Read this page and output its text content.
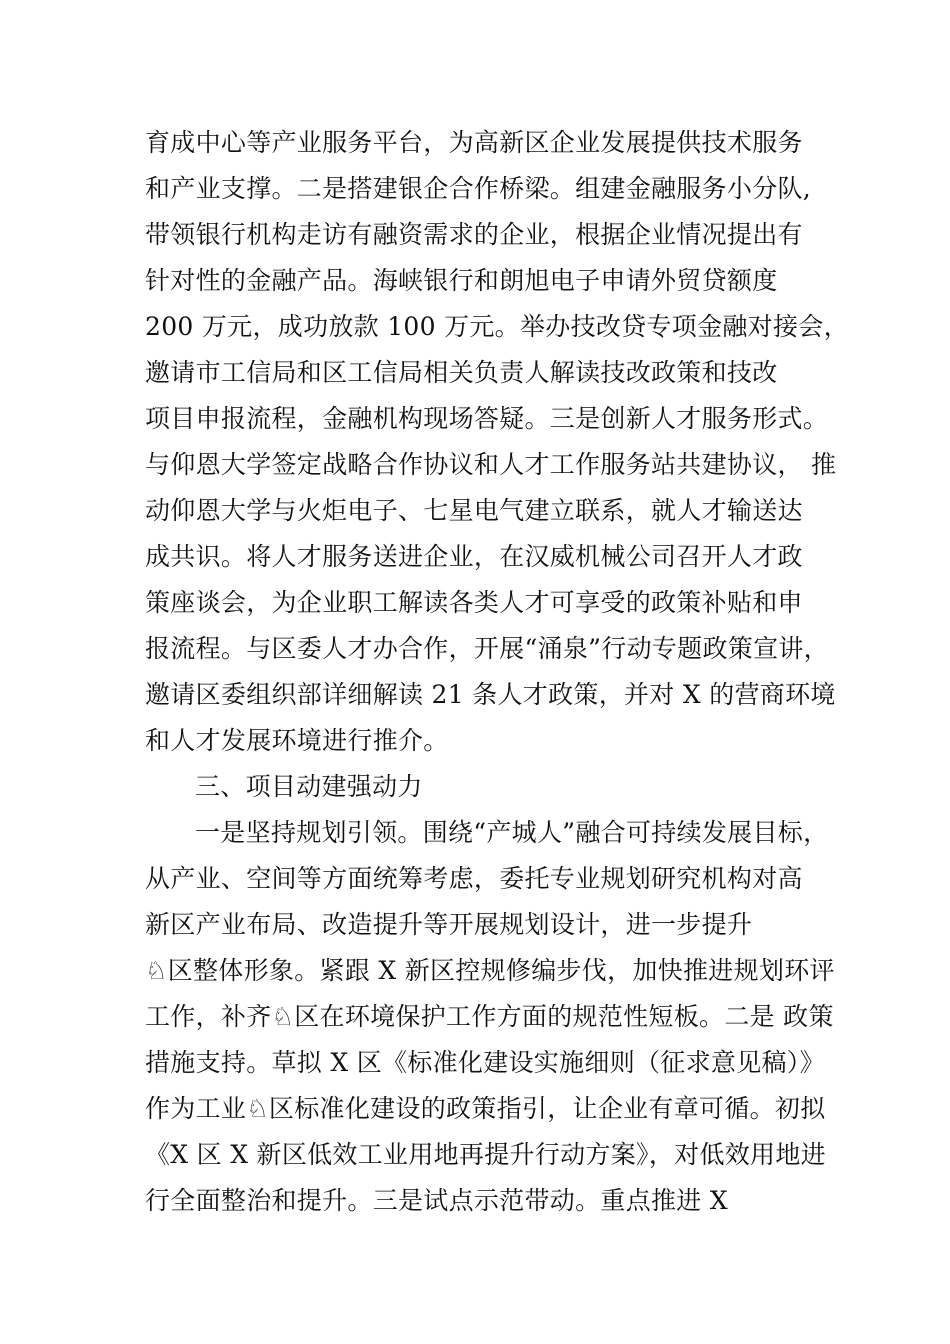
育成中心等产业服务平台，为高新区企业发展提供技术服务
和产业支撑。二是搭建银企合作桥梁。组建金融服务小分队,
带领银行机构走访有融资需求的企业，根据企业情况提出有
针对性的金融产品。海峡银行和朗旭电子申请外贸贷额度
200 万元，成功放款 100 万元。举办技改贷专项金融对接会，
邀请市工信局和区工信局相关负责人解读技改政策和技改
项目申报流程，金融机构现场答疑。三是创新人才服务形式。
与仰恩大学签定战略合作协议和人才工作服务站共建协议， 推
动仰恩大学与火炬电子、七星电气建立联系，就人才输送达
成共识。将人才服务送进企业，在汉威机械公司召开人才政
策座谈会，为企业职工解读各类人才可享受的政策补贴和申
报流程。与区委人才办合作，开展“涌泉”行动专题政策宣讲，
邀请区委组织部详细解读 21 条人才政策，并对 X 的营商环境
和人才发展环境进行推介。
三、项目动建强动力
一是坚持规划引领。围绕“产城人”融合可持续发展目标，
从产业、空间等方面统筹考虑，委托专业规划研究机构对高
新区产业布局、改造提升等开展规划设计，进一步提升
♘区整体形象。紧跟 X 新区控规修编步伐，加快推进规划环评
工作，补齐♘区在环境保护工作方面的规范性短板。二是 政策
措施支持。草拟 X 区《标准化建设实施细则（征求意见稿）》
作为工业♘区标准化建设的政策指引，让企业有章可循。初拟
《X 区 X 新区低效工业用地再提升行动方案》，对低效用地进
行全面整治和提升。三是试点示范带动。重点推进 X
